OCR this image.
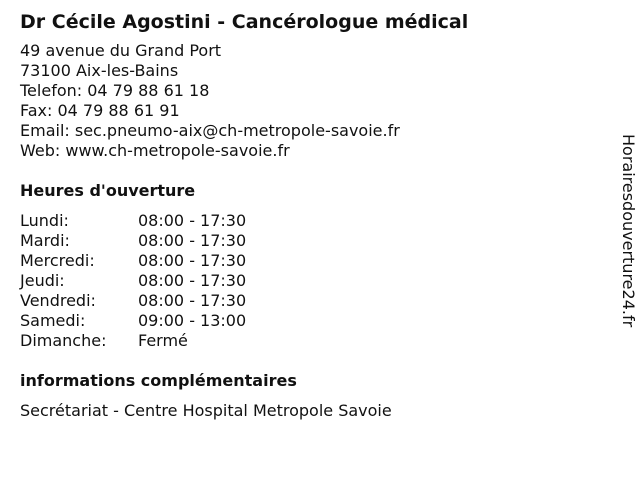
Dr Cécile Agostini - Cancérologue médical
49 avenue du Grand Port
73100 Aix-les-Bains
Telefon: 04 79 88 61 18
Fax: 04 79 88 61 91
Email: sec.pneumo-aix@ch-metropole-savoie.fr
Web: www.ch-metropole-savoie.fr
Heures d'ouverture
Lundi:	08:00 - 17:30
Mardi:	08:00 - 17:30
Mercredi:	08:00 - 17:30
Jeudi:	08:00 - 17:30
Vendredi:	08:00 - 17:30
Samedi:	09:00 - 13:00
Dimanche:	Fermé
informations complémentaires
Secrétariat - Centre Hospital Metropole Savoie
Horairesdouverture24.fr
